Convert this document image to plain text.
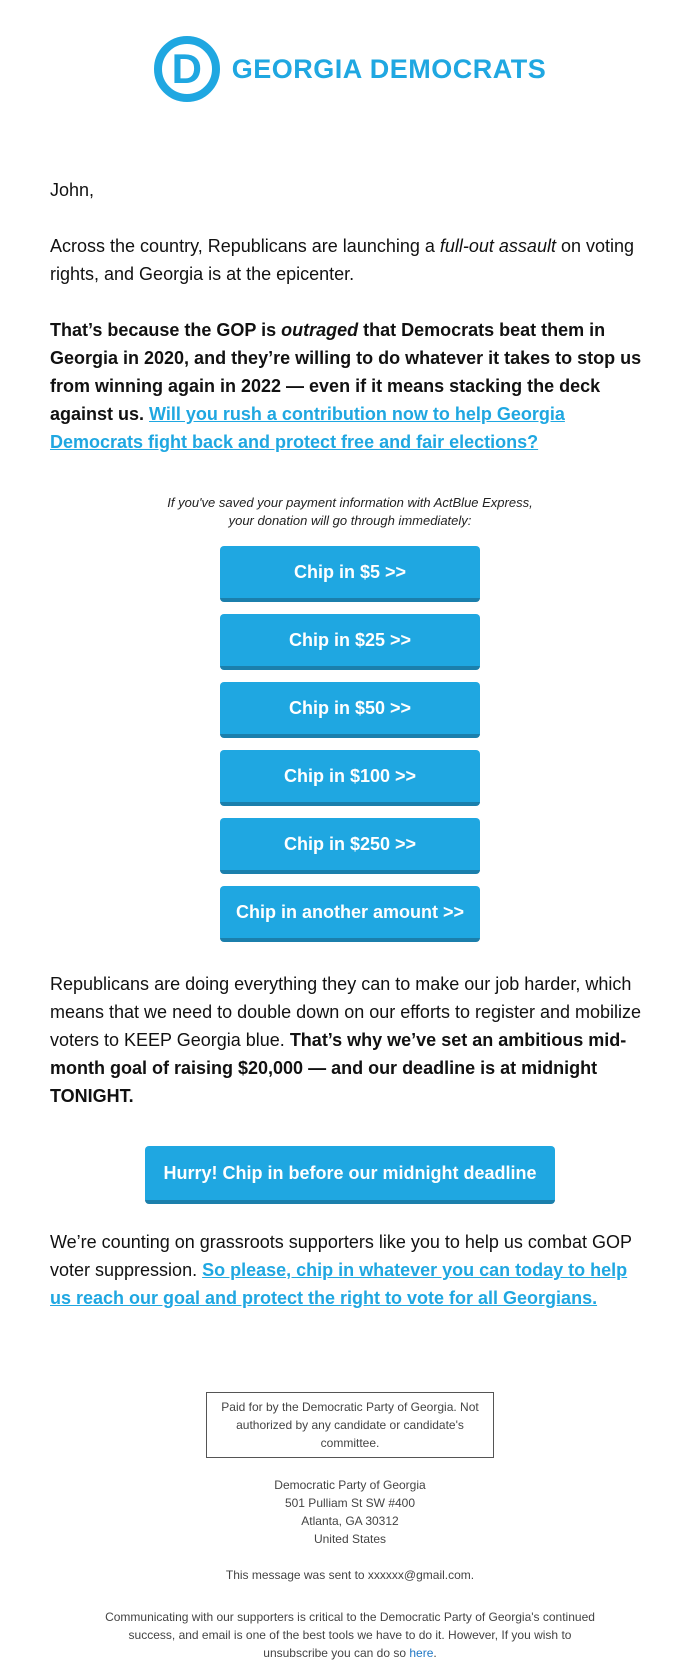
D GEORGIA DEMOCRATS

John,

Across the country, Republicans are launching a full-out assault on voting rights, and Georgia is at the epicenter.

That’s because the GOP is outraged that Democrats beat them in Georgia in 2020, and they’re willing to do whatever it takes to stop us from winning again in 2022 — even if it means stacking the deck against us. Will you rush a contribution now to help Georgia Democrats fight back and protect free and fair elections?

If you've saved your payment information with ActBlue Express,
your donation will go through immediately:
Chip in $5 >>
Chip in $25 >>
Chip in $50 >>
Chip in $100 >>
Chip in $250 >>
Chip in another amount >>

Republicans are doing everything they can to make our job harder, which means that we need to double down on our efforts to register and mobilize voters to KEEP Georgia blue. That’s why we’ve set an ambitious mid-month goal of raising $20,000 — and our deadline is at midnight TONIGHT.

Hurry! Chip in before our midnight deadline

We’re counting on grassroots supporters like you to help us combat GOP voter suppression. So please, chip in whatever you can today to help us reach our goal and protect the right to vote for all Georgians.

Paid for by the Democratic Party of Georgia. Not authorized by any candidate or candidate's committee.
Democratic Party of Georgia
501 Pulliam St SW #400
Atlanta, GA 30312
United States
This message was sent to xxxxxx@gmail.com.
Communicating with our supporters is critical to the Democratic Party of Georgia's continued success, and email is one of the best tools we have to do it. However, If you wish to unsubscribe you can do so here.
